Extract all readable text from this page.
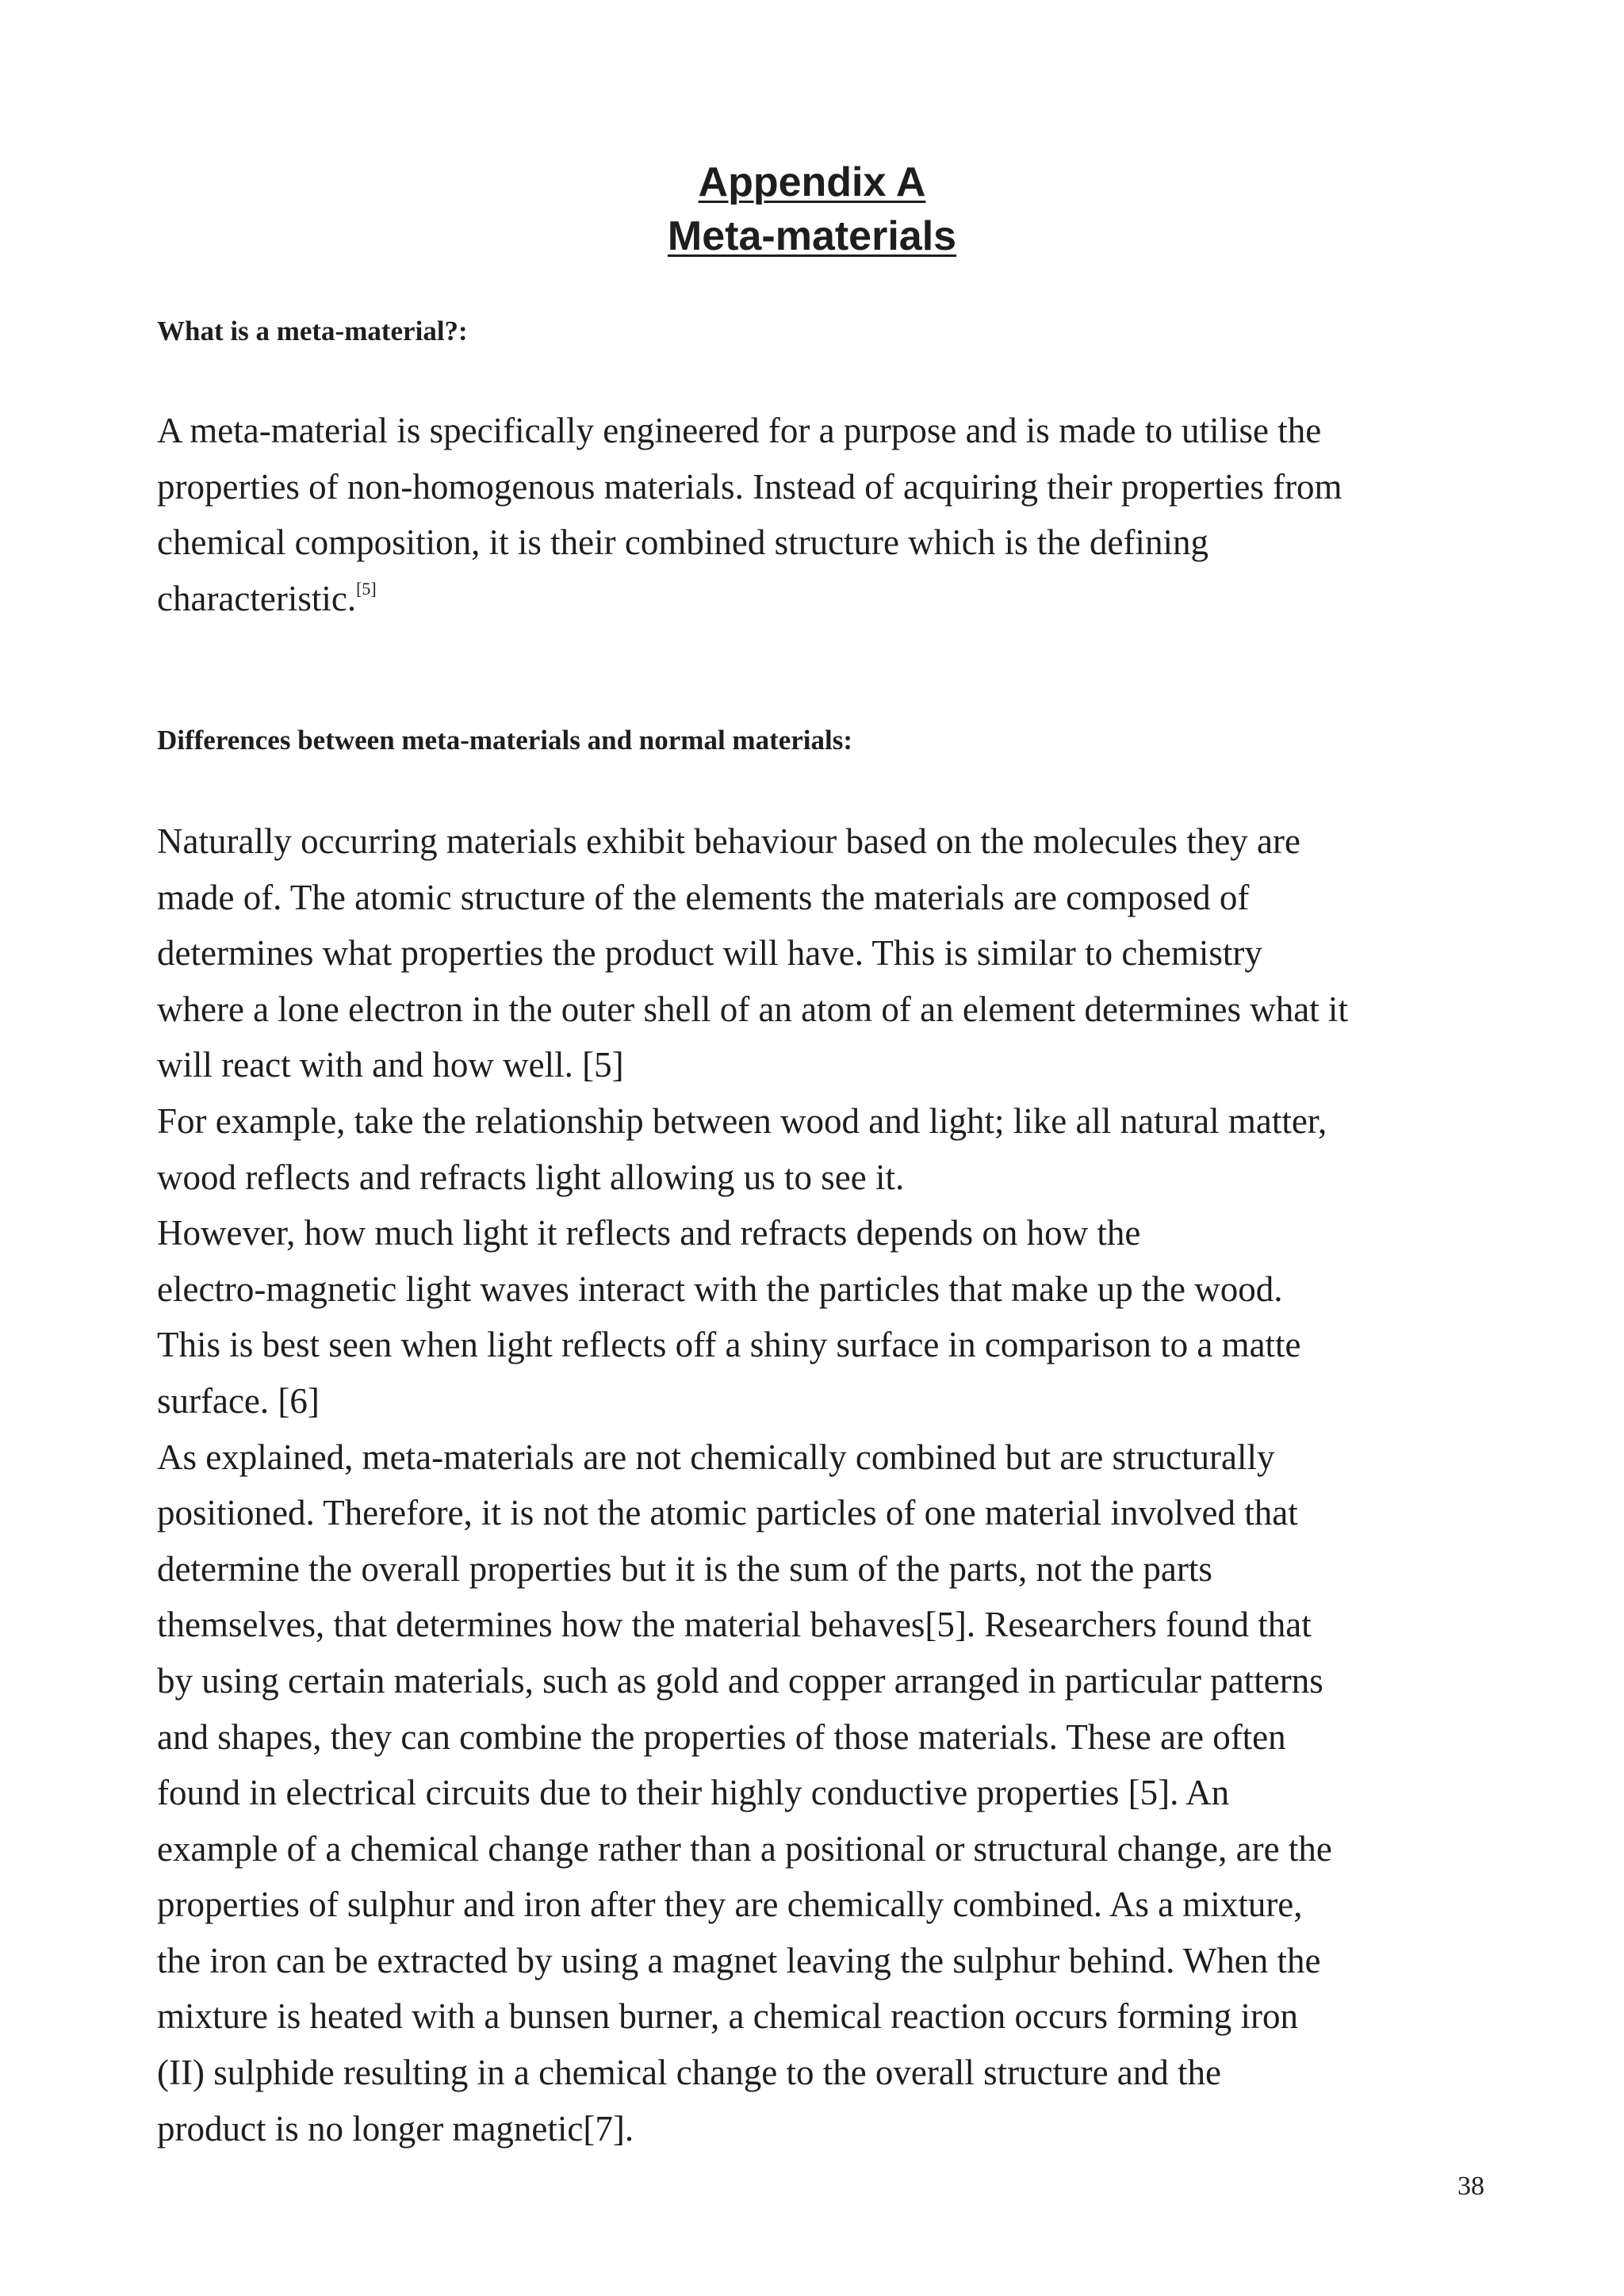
Appendix A
Meta-materials
What is a meta-material?:
A meta-material is specifically engineered for a purpose and is made to utilise the
properties of non-homogenous materials. Instead of acquiring their properties from
chemical composition, it is their combined structure which is the defining
characteristic.[5]
Differences between meta-materials and normal materials:
Naturally occurring materials exhibit behaviour based on the molecules they are
made of. The atomic structure of the elements the materials are composed of
determines what properties the product will have. This is similar to chemistry
where a lone electron in the outer shell of an atom of an element determines what it
will react with and how well. [5]
For example, take the relationship between wood and light; like all natural matter,
wood reflects and refracts light allowing us to see it.
However, how much light it reflects and refracts depends on how the
electro-magnetic light waves interact with the particles that make up the wood.
This is best seen when light reflects off a shiny surface in comparison to a matte
surface. [6]
As explained, meta-materials are not chemically combined but are structurally
positioned. Therefore, it is not the atomic particles of one material involved that
determine the overall properties but it is the sum of the parts, not the parts
themselves, that determines how the material behaves[5]. Researchers found that
by using certain materials, such as gold and copper arranged in particular patterns
and shapes, they can combine the properties of those materials. These are often
found in electrical circuits due to their highly conductive properties [5]. An
example of a chemical change rather than a positional or structural change, are the
properties of sulphur and iron after they are chemically combined. As a mixture,
the iron can be extracted by using a magnet leaving the sulphur behind. When the
mixture is heated with a bunsen burner, a chemical reaction occurs forming iron
(II) sulphide resulting in a chemical change to the overall structure and the
product is no longer magnetic[7].
38
